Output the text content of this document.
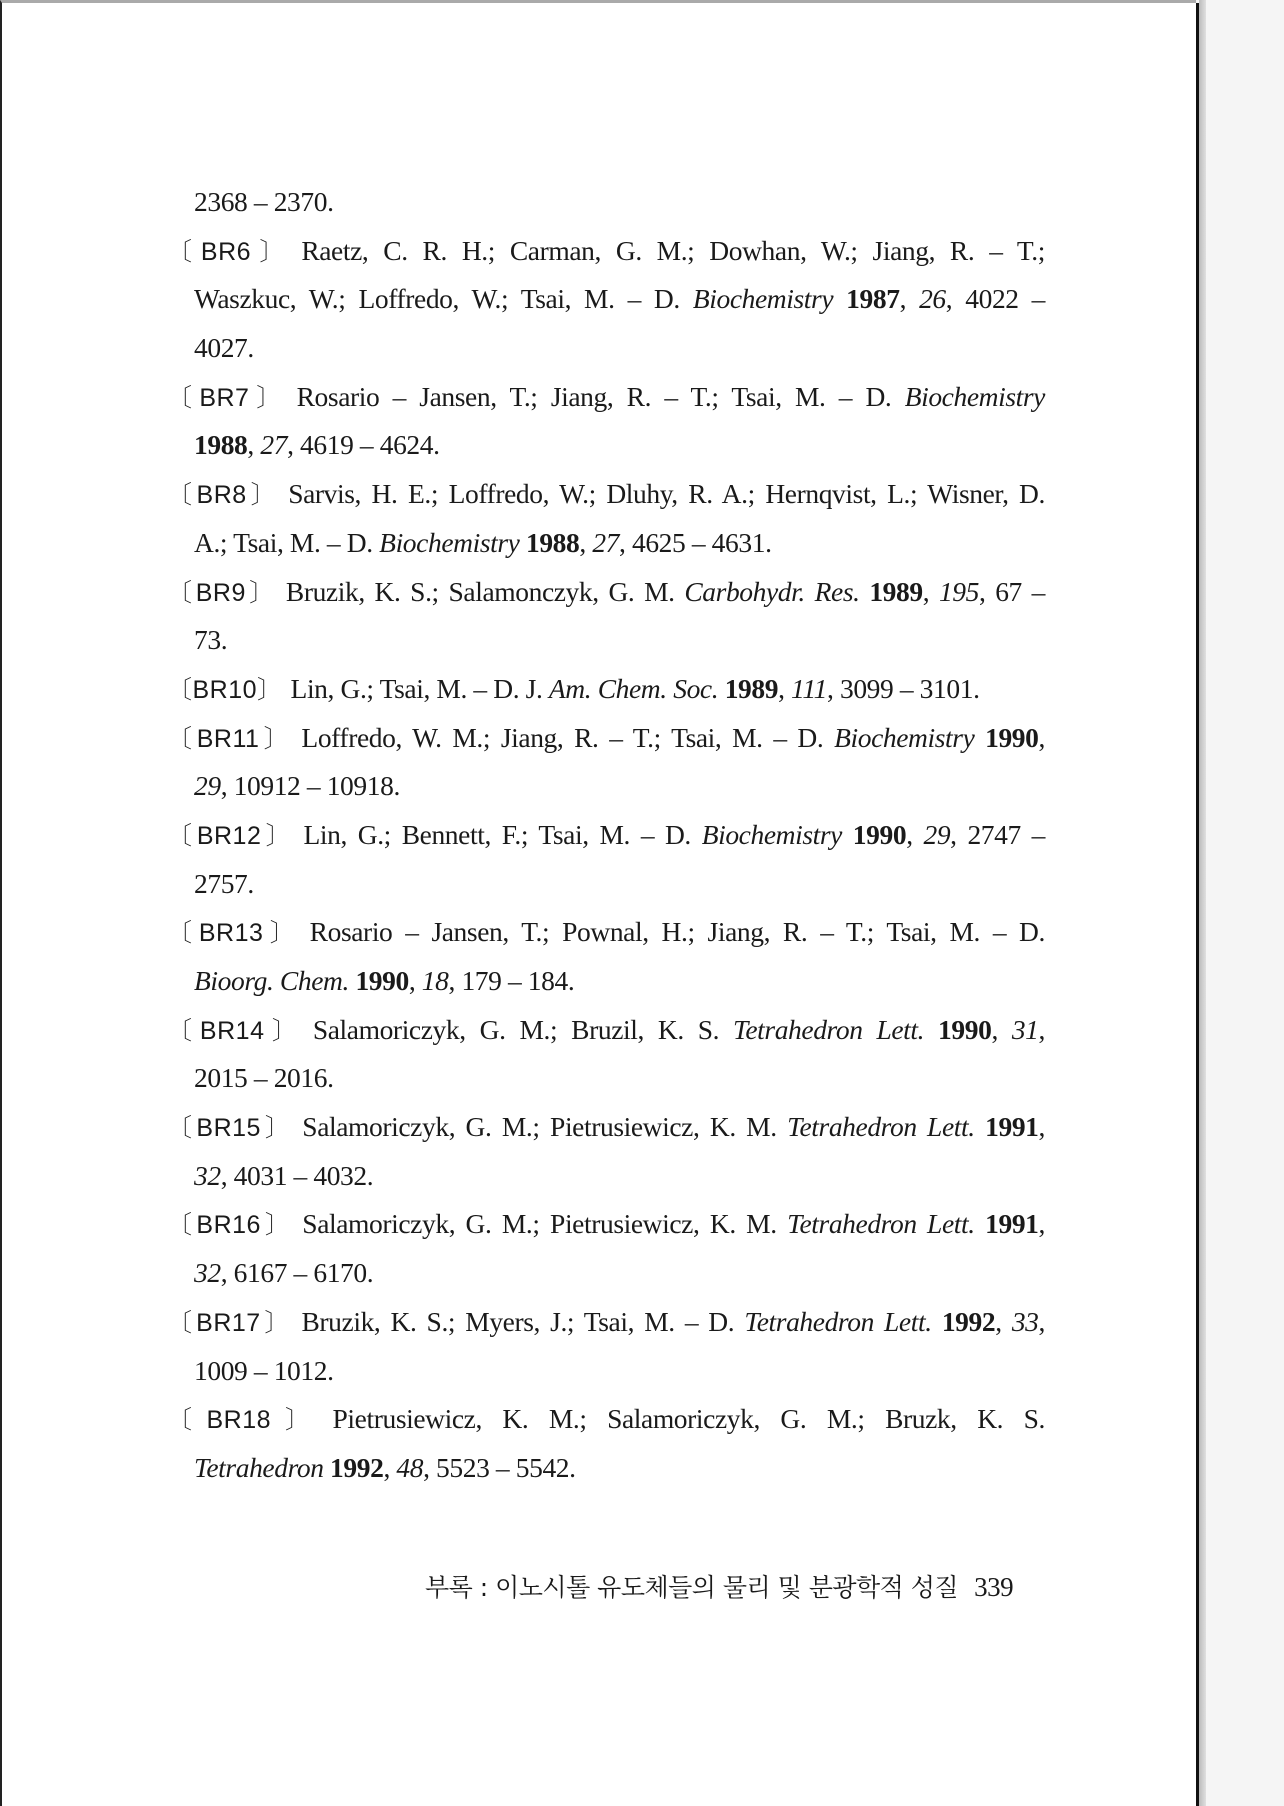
2368 – 2370.
〔BR6〕 Raetz, C. R. H.; Carman, G. M.; Dowhan, W.; Jiang, R. – T.;
Waszkuc, W.; Loffredo, W.; Tsai, M. – D. Biochemistry 1987, 26, 4022 –
4027.
〔BR7〕 Rosario – Jansen, T.; Jiang, R. – T.; Tsai, M. – D. Biochemistry
1988, 27, 4619 – 4624.
〔BR8〕 Sarvis, H. E.; Loffredo, W.; Dluhy, R. A.; Hernqvist, L.; Wisner, D.
A.; Tsai, M. – D. Biochemistry 1988, 27, 4625 – 4631.
〔BR9〕 Bruzik, K. S.; Salamonczyk, G. M. Carbohydr. Res. 1989, 195, 67 –
73.
〔BR10〕 Lin, G.; Tsai, M. – D. J. Am. Chem. Soc. 1989, 111, 3099 – 3101.
〔BR11〕 Loffredo, W. M.; Jiang, R. – T.; Tsai, M. – D. Biochemistry 1990,
29, 10912 – 10918.
〔BR12〕 Lin, G.; Bennett, F.; Tsai, M. – D. Biochemistry 1990, 29, 2747 –
2757.
〔BR13〕 Rosario – Jansen, T.; Pownal, H.; Jiang, R. – T.; Tsai, M. – D.
Bioorg. Chem. 1990, 18, 179 – 184.
〔BR14〕 Salamoriczyk, G. M.; Bruzil, K. S. Tetrahedron Lett. 1990, 31,
2015 – 2016.
〔BR15〕 Salamoriczyk, G. M.; Pietrusiewicz, K. M. Tetrahedron Lett. 1991,
32, 4031 – 4032.
〔BR16〕 Salamoriczyk, G. M.; Pietrusiewicz, K. M. Tetrahedron Lett. 1991,
32, 6167 – 6170.
〔BR17〕 Bruzik, K. S.; Myers, J.; Tsai, M. – D. Tetrahedron Lett. 1992, 33,
1009 – 1012.
〔BR18〕 Pietrusiewicz, K. M.; Salamoriczyk, G. M.; Bruzk, K. S.
Tetrahedron 1992, 48, 5523 – 5542.
부록 : 이노시톨 유도체들의 물리 및 분광학적 성질 339
